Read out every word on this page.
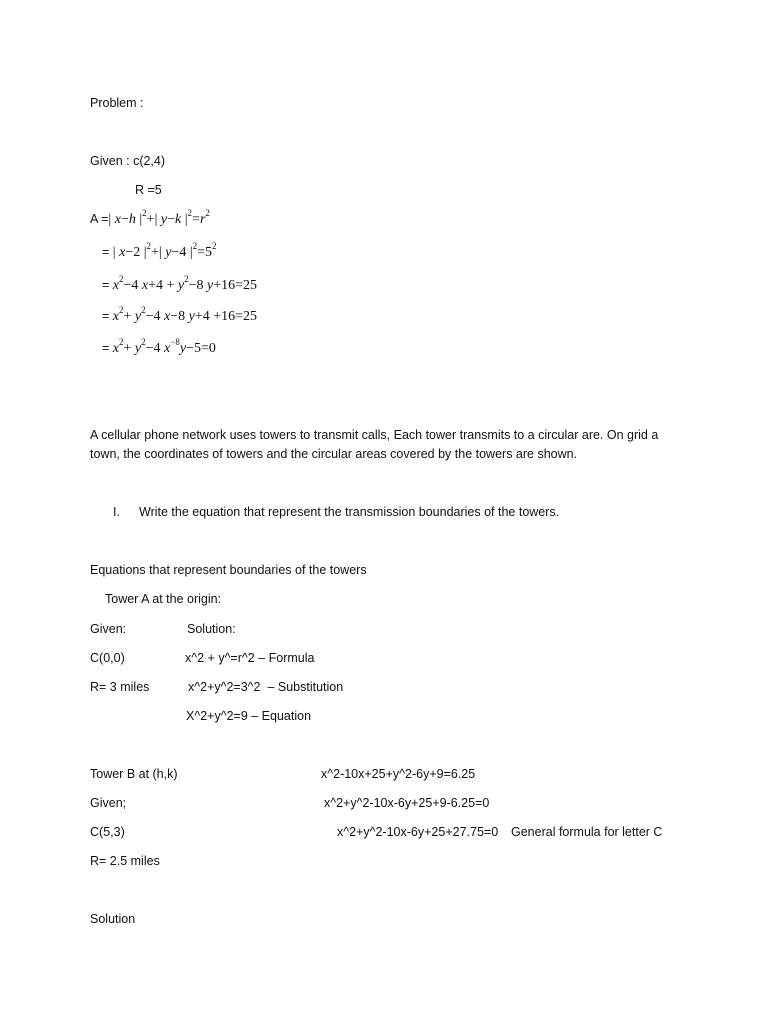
Problem :
Given : c(2,4)
R =5
A =| x−h $|^2+|$ y−k $|^2=r^2$
= | x−2 $|^2+|$ y−4 $|^2=5^2$
= $x^2-4$ $x+4 + y^2-8$ y+16=25
= $x^2+ y^2-4$ x−8 y+4 +16=25
= $x^2+ y^2-4$ $x^{-8}y-5=0$
A cellular phone network uses towers to transmit calls, Each tower transmits to a circular are. On grid a town, the coordinates of towers and the circular areas covered by the towers are shown.
I. Write the equation that represent the transmission boundaries of the towers.
Equations that represent boundaries of the towers
Tower A at the origin:
Given:	Solution:
C(0,0)	x^2 + y^=r^2 – Formula
R= 3 miles	x^2+y^2=3^2  – Substitution
X^2+y^2=9 – Equation
Tower B at (h,k)	x^2-10x+25+y^2-6y+9=6.25
Given;	x^2+y^2-10x-6y+25+9-6.25=0
C(5,3)	x^2+y^2-10x-6y+25+27.75=0 General formula for letter C
R= 2.5 miles
Solution
